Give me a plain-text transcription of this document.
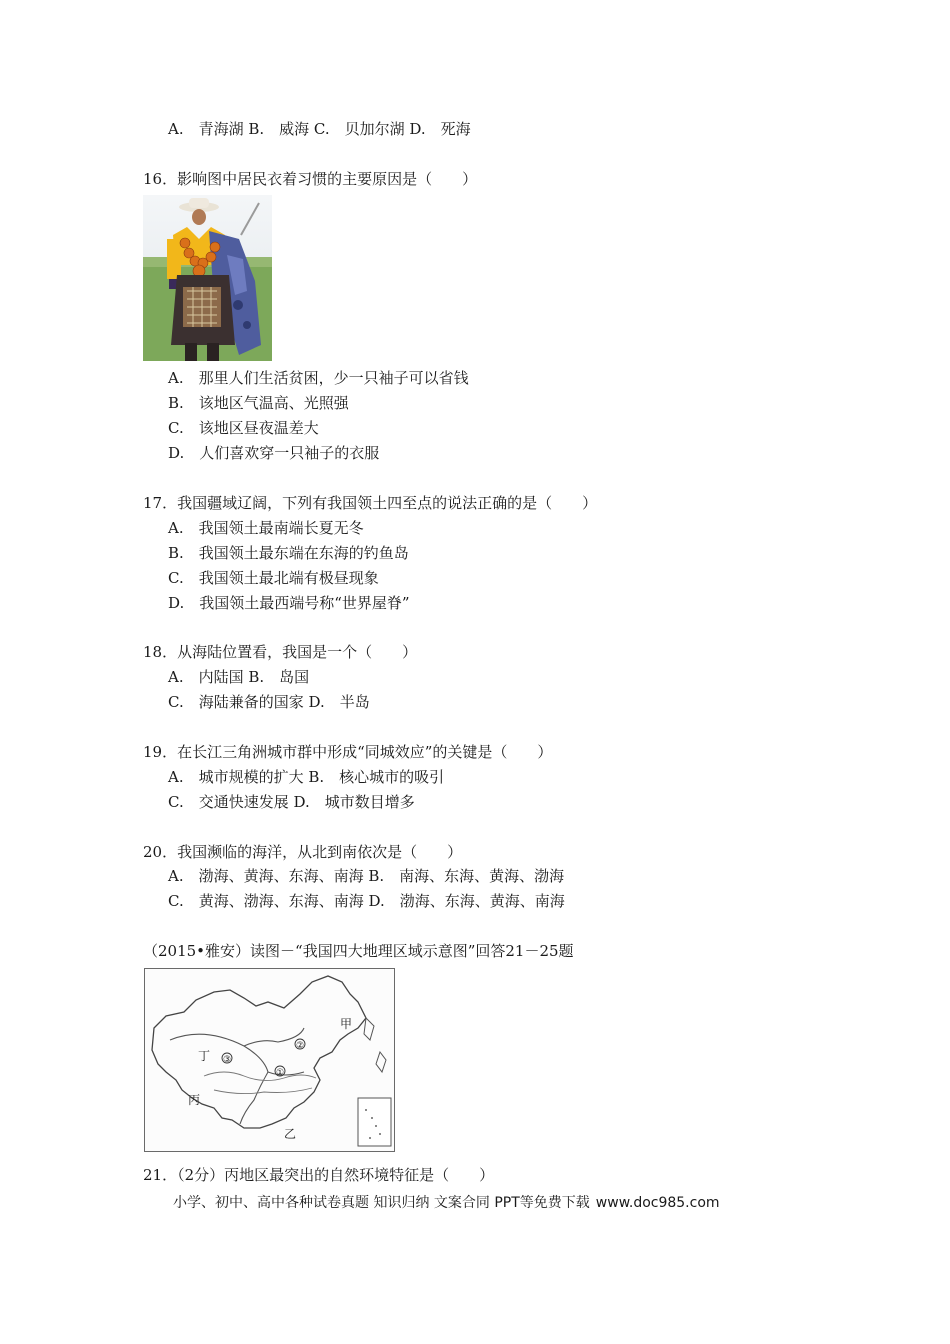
A.　青海湖 B.　威海 C.　贝加尔湖 D.　死海
16．影响图中居民衣着习惯的主要原因是（　　）
A.　那里人们生活贫困，少一只袖子可以省钱
B.　该地区气温高、光照强
C.　该地区昼夜温差大
D.　人们喜欢穿一只袖子的衣服
17．我国疆域辽阔，下列有我国领土四至点的说法正确的是（　　）
A.　我国领土最南端长夏无冬
B.　我国领土最东端在东海的钓鱼岛
C.　我国领土最北端有极昼现象
D.　我国领土最西端号称“世界屋脊”
18．从海陆位置看，我国是一个（　　）
A.　内陆国 B.　岛国
C.　海陆兼备的国家 D.　半岛
19．在长江三角洲城市群中形成“同城效应”的关键是（　　）
A.　城市规模的扩大 B.　核心城市的吸引
C.　交通快速发展 D.　城市数目增多
20．我国濒临的海洋，从北到南依次是（　　）
A.　渤海、黄海、东海、南海 B.　南海、东海、黄海、渤海
C.　黄海、渤海、东海、南海 D.　渤海、东海、黄海、南海
（2015•雅安）读图－“我国四大地理区域示意图”回答21－25题
丁
甲
丙
乙
①
②
③
21．（2分）丙地区最突出的自然环境特征是（　　）
小学、初中、高中各种试卷真题 知识归纳 文案合同 PPT等免费下载 www.doc985.com
